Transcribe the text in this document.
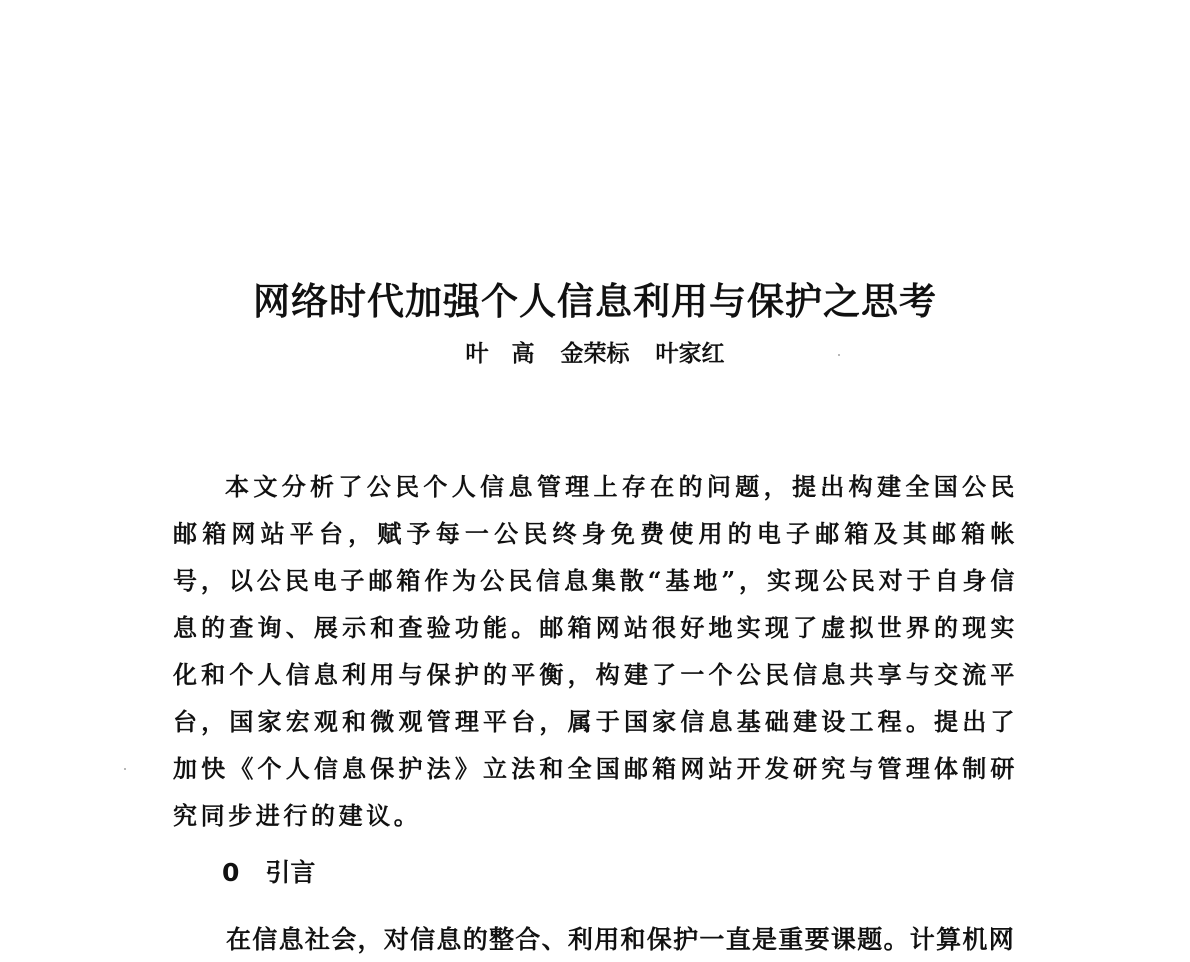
网络时代加强个人信息利用与保护之思考
叶　高 金荣标 叶家红

本文分析了公民个人信息管理上存在的问题，提出构建全国公民邮箱网站平台，赋予每一公民终身免费使用的电子邮箱及其邮箱帐号，以公民电子邮箱作为公民信息集散“基地”，实现公民对于自身信息的查询、展示和查验功能。邮箱网站很好地实现了虚拟世界的现实化和个人信息利用与保护的平衡，构建了一个公民信息共享与交流平台，国家宏观和微观管理平台，属于国家信息基础建设工程。提出了加快《个人信息保护法》立法和全国邮箱网站开发研究与管理体制研究同步进行的建议。

0 引言

在信息社会，对信息的整合、利用和保护一直是重要课题。计算机网
